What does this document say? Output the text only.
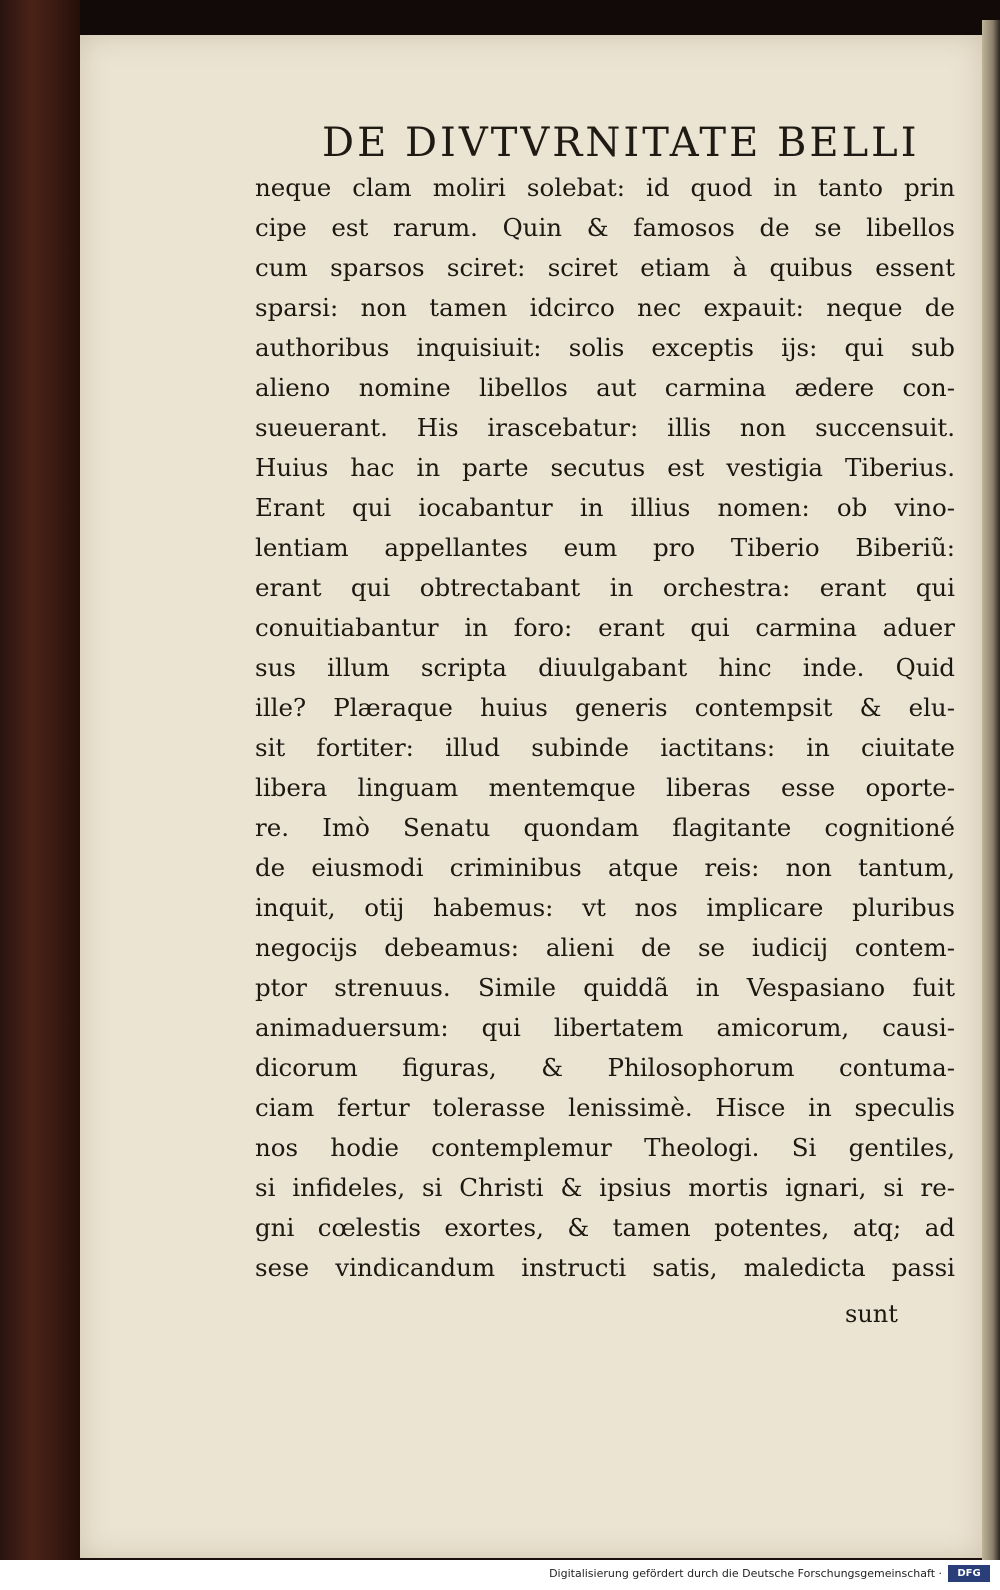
DE DIVTVRNITATE BELLI
neque clam moliri solebat: id quod in tanto prin
cipe est rarum. Quin & famosos de se libellos
cum sparsos sciret: sciret etiam à quibus essent
sparsi: non tamen idcirco nec expauit: neque de
authoribus inquisiuit: solis exceptis ijs: qui sub
alieno nomine libellos aut carmina ædere con-
sueuerant. His irascebatur: illis non succensuit.
Huius hac in parte secutus est vestigia Tiberius.
Erant qui iocabantur in illius nomen: ob vino-
lentiam appellantes eum pro Tiberio Biberiũ:
erant qui obtrectabant in orchestra: erant qui
conuitiabantur in foro: erant qui carmina aduer
sus illum scripta diuulgabant hinc inde. Quid
ille? Plæraque huius generis contempsit & elu-
sit fortiter: illud subinde iactitans: in ciuitate
libera linguam mentemque liberas esse oporte-
re. Imò Senatu quondam flagitante cognitioné
de eiusmodi criminibus atque reis: non tantum,
inquit, otij habemus: vt nos implicare pluribus
negocijs debeamus: alieni de se iudicij contem-
ptor strenuus. Simile quiddã in Vespasiano fuit
animaduersum: qui libertatem amicorum, causi-
dicorum figuras, & Philosophorum contuma-
ciam fertur tolerasse lenissimè. Hisce in speculis
nos hodie contemplemur Theologi. Si gentiles,
si infideles, si Christi & ipsius mortis ignari, si re-
gni cœlestis exortes, & tamen potentes, atq; ad
sese vindicandum instructi satis, maledicta passi
sunt
Digitalisierung gefördert durch die Deutsche Forschungsgemeinschaft ·	DFG
